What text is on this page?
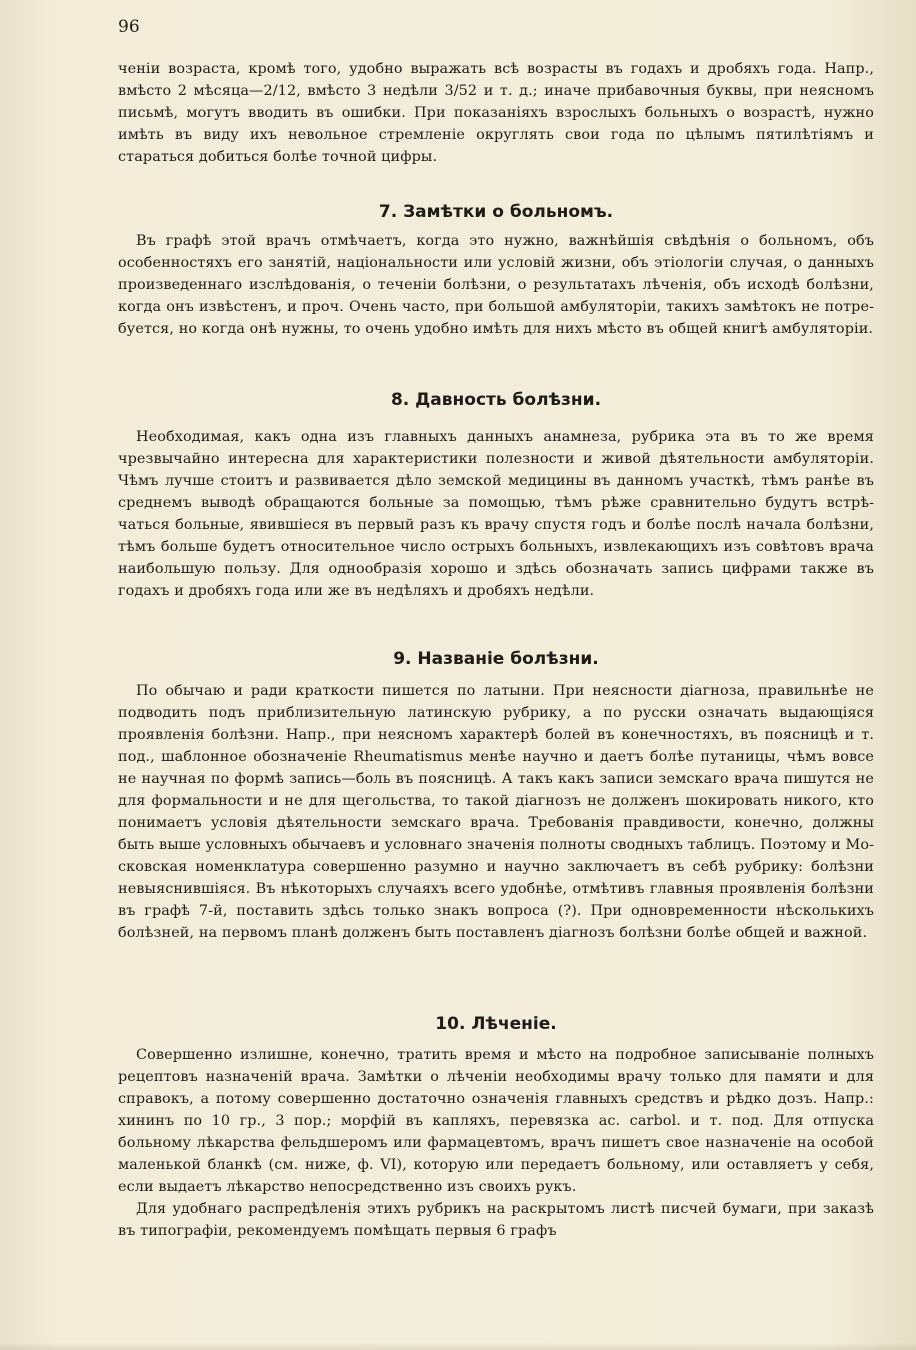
96

ченіи возраста, кромѣ того, удобно выражать всѣ возрасты въ годахъ и дробяхъ года. Напр., вмѣсто 2 мѣсяца—2/12, вмѣсто 3 недѣли 3/52 и т. д.; иначе прибавочныя буквы, при неясномъ письмѣ, могутъ вводить въ ошибки. При показаніяхъ взрослыхъ больныхъ о возрастѣ, нужно имѣть въ виду ихъ невольное стремленіе округлять свои года по цѣлымъ пятилѣтіямъ и стараться добиться болѣе точной цифры.

7. Замѣтки о больномъ.

Въ графѣ этой врачъ отмѣчаетъ, когда это нужно, важнѣйшія свѣдѣнія о больномъ, объ особенностяхъ его занятій, національности или условій жизни, объ этіологіи случая, о данныхъ произведеннаго изслѣдованія, о теченіи болѣзни, о результатахъ лѣченія, объ исходѣ болѣзни, когда онъ извѣстенъ, и проч. Очень часто, при большой амбуляторіи, такихъ замѣтокъ не потребуется, но когда онѣ нужны, то очень удобно имѣть для нихъ мѣсто въ общей книгѣ амбуляторіи.

8. Давность болѣзни.

Необходимая, какъ одна изъ главныхъ данныхъ анамнеза, рубрика эта въ то же время чрезвычайно интересна для характеристики полезности и живой дѣятельности амбуляторіи. Чѣмъ лучше стоитъ и развивается дѣло земской медицины въ данномъ участкѣ, тѣмъ ранѣе въ среднемъ выводѣ обращаются больные за помощью, тѣмъ рѣже сравнительно будутъ встрѣчаться больные, явившіеся въ первый разъ къ врачу спустя годъ и болѣе послѣ начала болѣзни, тѣмъ больше будетъ относительное число острыхъ больныхъ, извлекающихъ изъ совѣтовъ врача наибольшую пользу. Для однообразія хорошо и здѣсь обозначать запись цифрами также въ годахъ и дробяхъ года или же въ недѣляхъ и дробяхъ недѣли.

9. Названіе болѣзни.

По обычаю и ради краткости пишется по латыни. При неясности діагноза, правильнѣе не подводить подъ приблизительную латинскую рубрику, а по русски означать выдающіяся проявленія болѣзни. Напр., при неясномъ характерѣ болей въ конечностяхъ, въ поясницѣ и т. под., шаблонное обозначеніе Rheumatismus менѣе научно и даетъ болѣе путаницы, чѣмъ вовсе не научная по формѣ запись—боль въ поясницѣ. А такъ какъ записи земскаго врача пишутся не для формальности и не для щегольства, то такой діагнозъ не долженъ шокировать никого, кто понимаетъ условія дѣятельности земскаго врача. Требованія правдивости, конечно, должны быть выше условныхъ обычаевъ и условнаго значенія полноты сводныхъ таблицъ. Поэтому и Московская номенклатура совершенно разумно и научно заключаетъ въ себѣ рубрику: болѣзни невыяснившіяся. Въ нѣкоторыхъ случаяхъ всего удобнѣе, отмѣтивъ главныя проявленія болѣзни въ графѣ 7-й, поставить здѣсь только знакъ вопроса (?). При одновременности нѣсколькихъ болѣзней, на первомъ планѣ долженъ быть поставленъ діагнозъ болѣзни болѣе общей и важной.

10. Лѣченіе.

Совершенно излишне, конечно, тратить время и мѣсто на подробное записываніе полныхъ рецептовъ назначеній врача. Замѣтки о лѣченіи необходимы врачу только для памяти и для справокъ, а потому совершенно достаточно означенія главныхъ средствъ и рѣдко дозъ. Напр.: хининъ по 10 гр., 3 пор.; морфій въ капляхъ, перевязка ac. carbol. и т. под. Для отпуска больному лѣкарства фельдшеромъ или фармацевтомъ, врачъ пишетъ свое назначеніе на особой маленькой бланкѣ (см. ниже, ф. VI), которую или передаетъ больному, или оставляетъ у себя, если выдаетъ лѣкарство непосредственно изъ своихъ рукъ.

Для удобнаго распредѣленія этихъ рубрикъ на раскрытомъ листѣ писчей бумаги, при заказѣ въ типографіи, рекомендуемъ помѣщать первыя 6 графъ
